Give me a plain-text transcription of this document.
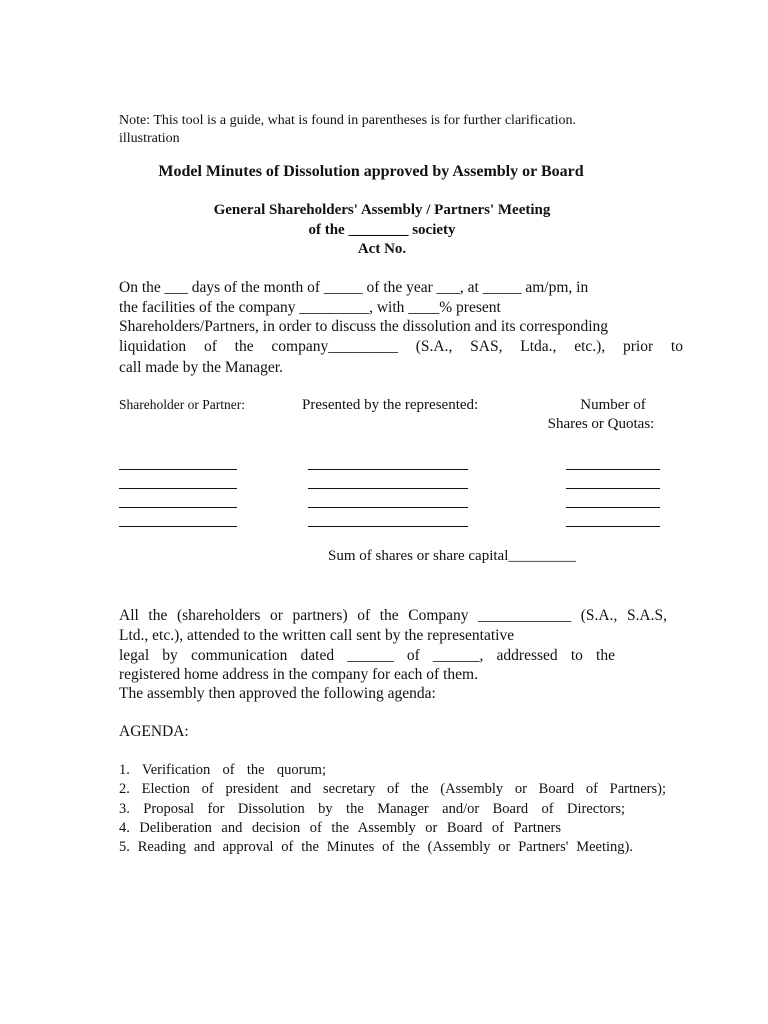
Note: This tool is a guide, what is found in parentheses is for further clarification.
illustration
Model Minutes of Dissolution approved by Assembly or Board
General Shareholders' Assembly / Partners' Meeting
of the ________ society
Act No.
On the ___ days of the month of _____ of the year ___, at _____ am/pm, in
the facilities of the company _________, with ____% present
Shareholders/Partners, in order to discuss the dissolution and its corresponding
liquidation of the company_________ (S.A., SAS, Ltda., etc.), prior to
call made by the Manager.
Shareholder or Partner:	Presented by the represented:	Number of
Shares or Quotas:
Sum of shares or share capital_________
All the (shareholders or partners) of the Company ____________ (S.A., S.A.S,
Ltd., etc.), attended to the written call sent by the representative
legal by communication dated ______ of ______, addressed to the
registered home address in the company for each of them.
The assembly then approved the following agenda:
AGENDA:
1. Verification of the quorum;
2. Election of president and secretary of the (Assembly or Board of Partners);
3. Proposal for Dissolution by the Manager and/or Board of Directors;
4. Deliberation and decision of the Assembly or Board of Partners
5. Reading and approval of the Minutes of the (Assembly or Partners' Meeting).
